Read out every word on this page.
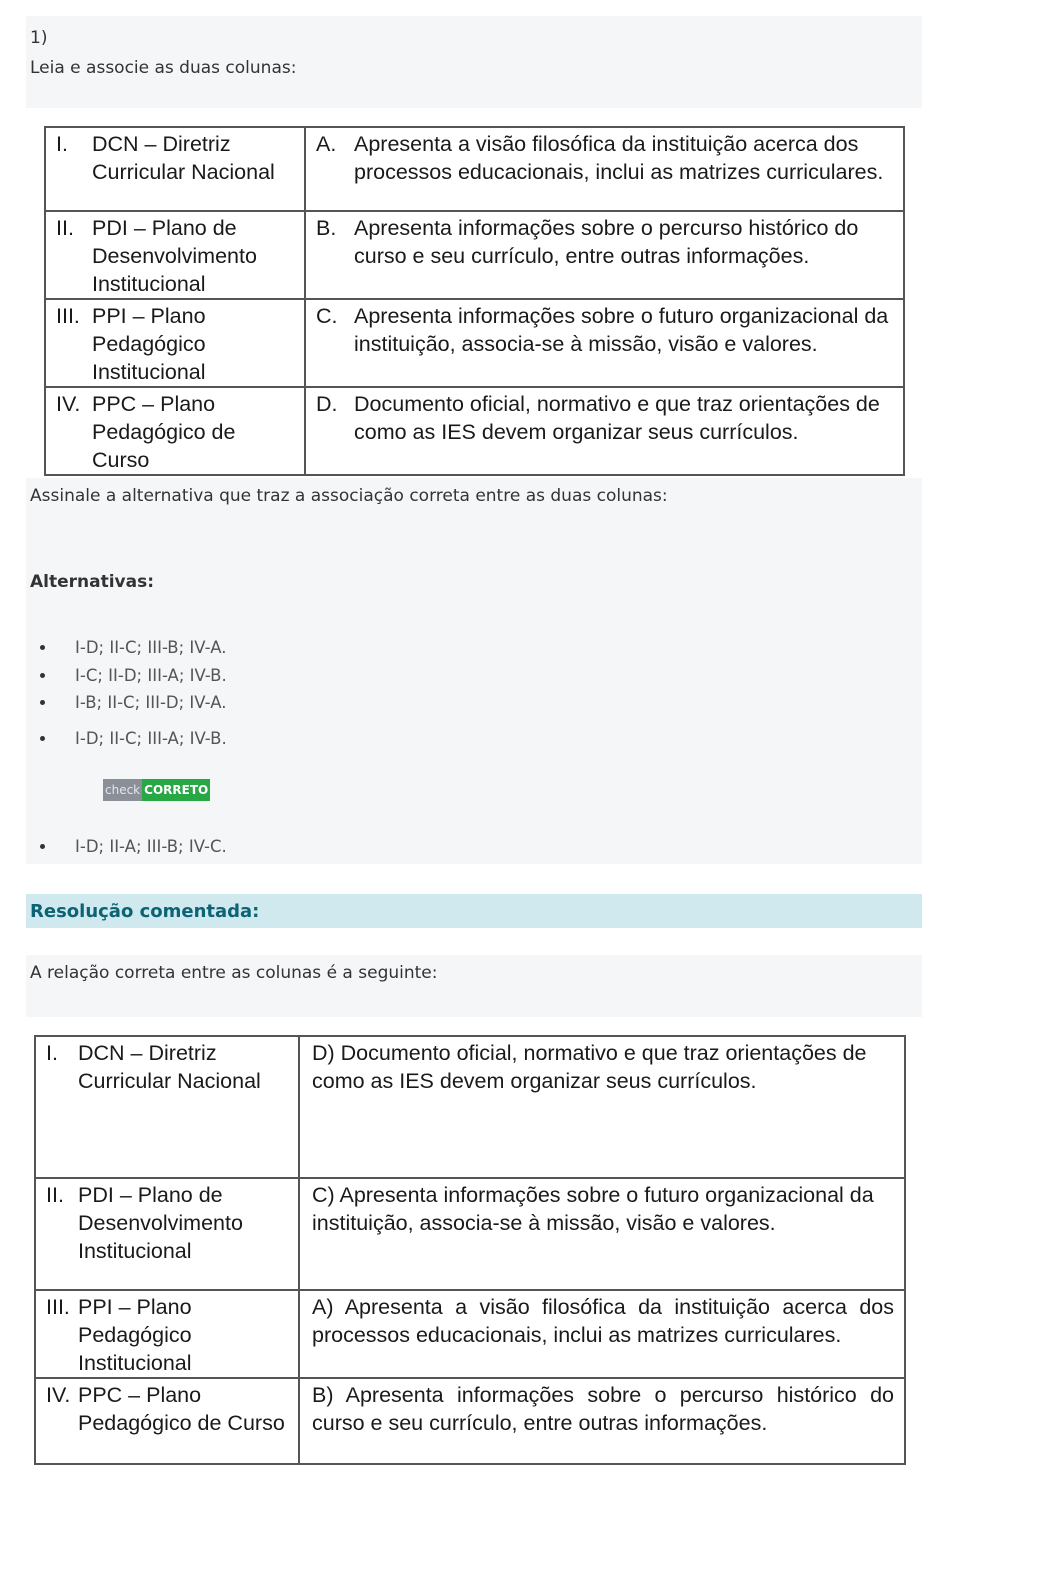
1)
Leia e associe as duas colunas:
I. DCN – Diretriz Curricular Nacional	A. Apresenta a visão filosófica da instituição acerca dos processos educacionais, inclui as matrizes curriculares.

II. PDI – Plano de Desenvolvimento Institucional	B. Apresenta informações sobre o percurso histórico do curso e seu currículo, entre outras informações.

III. PPI – Plano Pedagógico Institucional	C. Apresenta informações sobre o futuro organizacional da instituição, associa-se à missão, visão e valores.

IV. PPC – Plano Pedagógico de Curso	D. Documento oficial, normativo e que traz orientações de como as IES devem organizar seus currículos.
Assinale a alternativa que traz a associação correta entre as duas colunas:
Alternativas:
I-D; II-C; III-B; IV-A.
I-C; II-D; III-A; IV-B.
I-B; II-C; III-D; IV-A.
I-D; II-C; III-A; IV-B.
check CORRETO
I-D; II-A; III-B; IV-C.
Resolução comentada:
A relação correta entre as colunas é a seguinte:
I. DCN – Diretriz Curricular Nacional	D) Documento oficial, normativo e que traz orientações de como as IES devem organizar seus currículos.

II. PDI – Plano de Desenvolvimento Institucional	C) Apresenta informações sobre o futuro organizacional da instituição, associa-se à missão, visão e valores.

III. PPI – Plano Pedagógico Institucional	A) Apresenta a visão filosófica da instituição acerca dos processos educacionais, inclui as matrizes curriculares.

IV. PPC – Plano Pedagógico de Curso	B) Apresenta informações sobre o percurso histórico do curso e seu currículo, entre outras informações.
